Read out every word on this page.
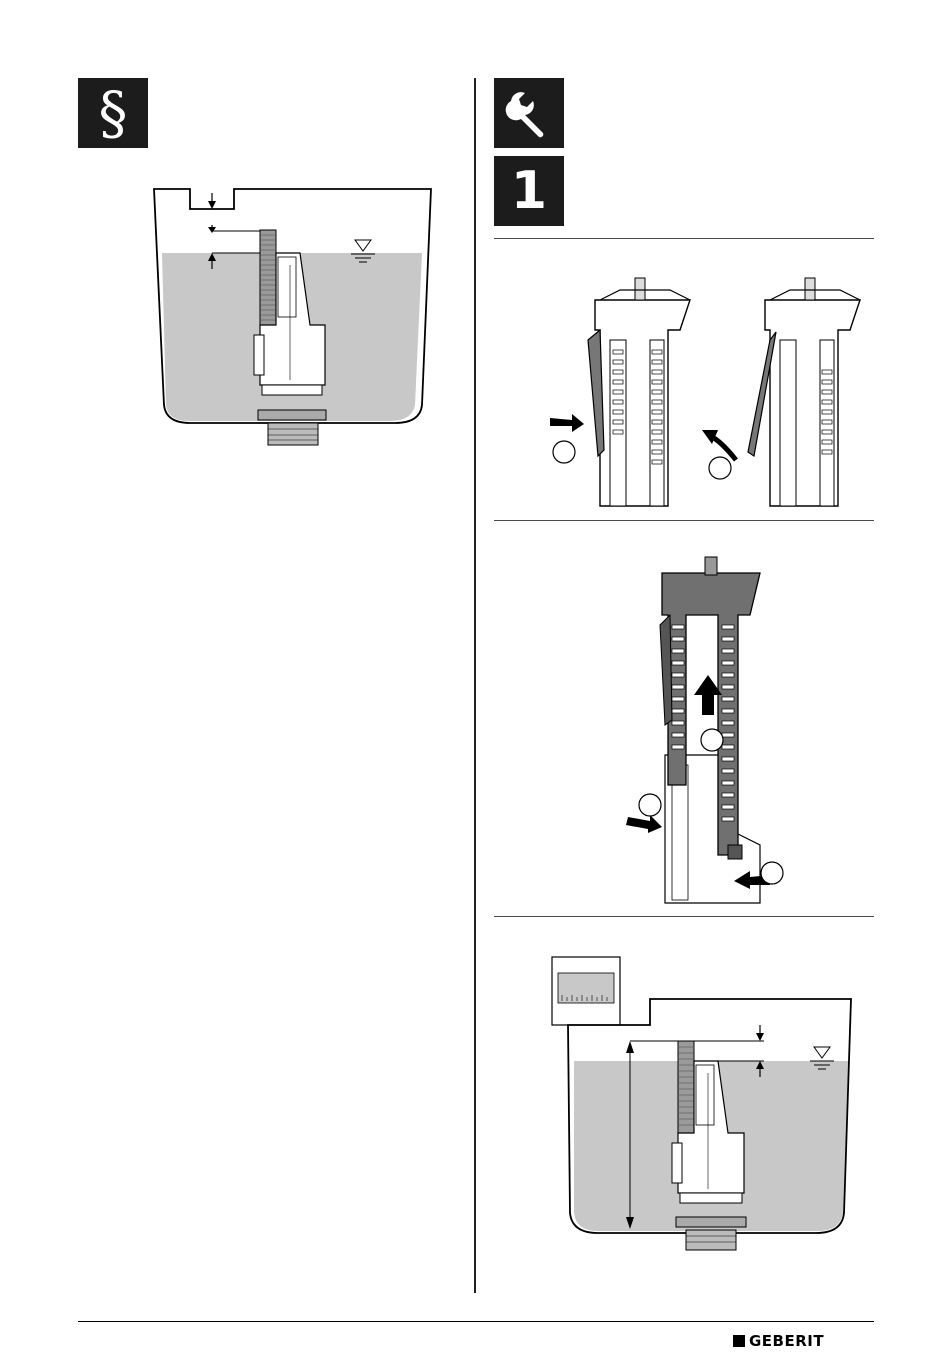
§
1
GEBERIT
